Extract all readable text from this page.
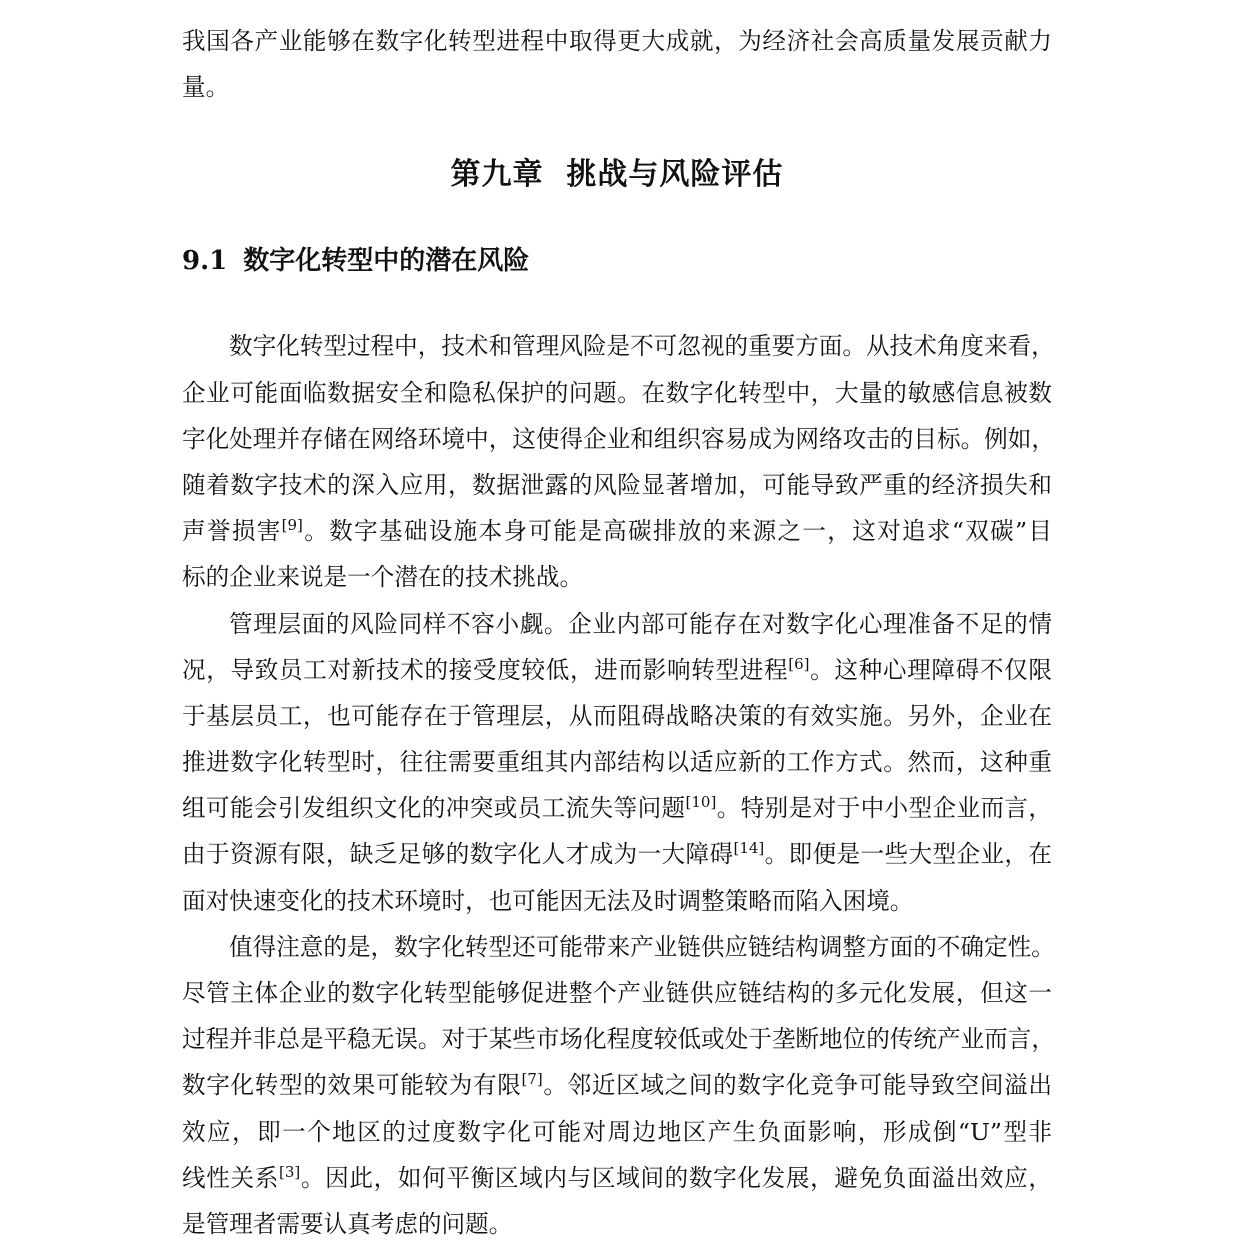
我国各产业能够在数字化转型进程中取得更大成就，为经济社会高质量发展贡献力
量。
第九章  挑战与风险评估
9.1 数字化转型中的潜在风险
数字化转型过程中，技术和管理风险是不可忽视的重要方面。从技术角度来看，
企业可能面临数据安全和隐私保护的问题。在数字化转型中，大量的敏感信息被数
字化处理并存储在网络环境中，这使得企业和组织容易成为网络攻击的目标。例如，
随着数字技术的深入应用，数据泄露的风险显著增加，可能导致严重的经济损失和
声誉损害[9]。数字基础设施本身可能是高碳排放的来源之一，这对追求“双碳”目
标的企业来说是一个潜在的技术挑战。
管理层面的风险同样不容小觑。企业内部可能存在对数字化心理准备不足的情
况，导致员工对新技术的接受度较低，进而影响转型进程[6]。这种心理障碍不仅限
于基层员工，也可能存在于管理层，从而阻碍战略决策的有效实施。另外，企业在
推进数字化转型时，往往需要重组其内部结构以适应新的工作方式。然而，这种重
组可能会引发组织文化的冲突或员工流失等问题[10]。特别是对于中小型企业而言，
由于资源有限，缺乏足够的数字化人才成为一大障碍[14]。即便是一些大型企业，在
面对快速变化的技术环境时，也可能因无法及时调整策略而陷入困境。
值得注意的是，数字化转型还可能带来产业链供应链结构调整方面的不确定性。
尽管主体企业的数字化转型能够促进整个产业链供应链结构的多元化发展，但这一
过程并非总是平稳无误。对于某些市场化程度较低或处于垄断地位的传统产业而言，
数字化转型的效果可能较为有限[7]。邻近区域之间的数字化竞争可能导致空间溢出
效应，即一个地区的过度数字化可能对周边地区产生负面影响，形成倒“U”型非
线性关系[3]。因此，如何平衡区域内与区域间的数字化发展，避免负面溢出效应，
是管理者需要认真考虑的问题。
